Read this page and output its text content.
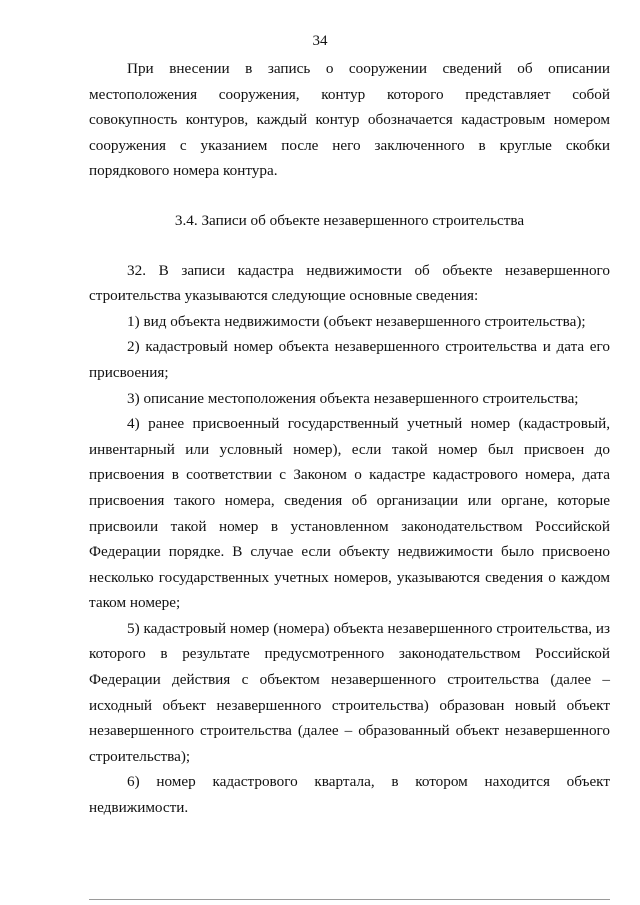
34

При внесении в запись о сооружении сведений об описании местоположения сооружения, контур которого представляет собой совокупность контуров, каждый контур обозначается кадастровым номером сооружения с указанием после него заключенного в круглые скобки порядкового номера контура.

3.4. Записи об объекте незавершенного строительства

32. В записи кадастра недвижимости об объекте незавершенного строительства указываются следующие основные сведения:

1) вид объекта недвижимости (объект незавершенного строительства);

2) кадастровый номер объекта незавершенного строительства и дата его присвоения;

3) описание местоположения объекта незавершенного строительства;

4) ранее присвоенный государственный учетный номер (кадастровый, инвентарный или условный номер), если такой номер был присвоен до присвоения в соответствии с Законом о кадастре кадастрового номера, дата присвоения такого номера, сведения об организации или органе, которые присвоили такой номер в установленном законодательством Российской Федерации порядке. В случае если объекту недвижимости было присвоено несколько государственных учетных номеров, указываются сведения о каждом таком номере;

5) кадастровый номер (номера) объекта незавершенного строительства, из которого в результате предусмотренного законодательством Российской Федерации действия с объектом незавершенного строительства (далее – исходный объект незавершенного строительства) образован новый объект незавершенного строительства (далее – образованный объект незавершенного строительства);

6) номер кадастрового квартала, в котором находится объект недвижимости.
